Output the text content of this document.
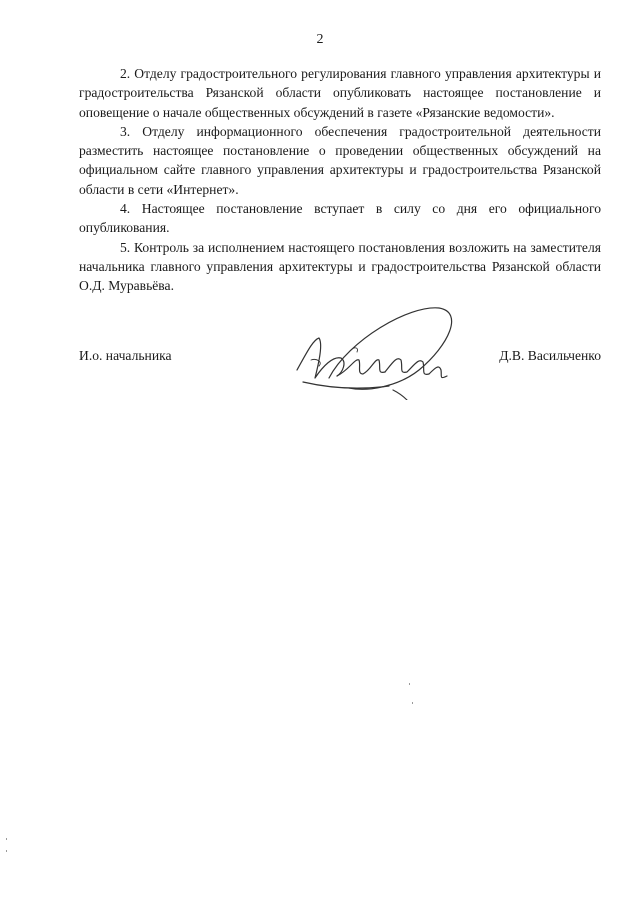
2

2. Отделу градостроительного регулирования главного управления архитектуры и градостроительства Рязанской области опубликовать настоящее постановление и оповещение о начале общественных обсуждений в газете «Рязанские ведомости».

3. Отделу информационного обеспечения градостроительной деятельности разместить настоящее постановление о проведении общественных обсуждений на официальном сайте главного управления архитектуры и градостроительства Рязанской области в сети «Интернет».

4. Настоящее постановление вступает в силу со дня его официального опубликования.

5. Контроль за исполнением настоящего постановления возложить на заместителя начальника главного управления архитектуры и градостроительства Рязанской области О.Д. Муравьёва.

И.о. начальника	Д.В. Васильченко
